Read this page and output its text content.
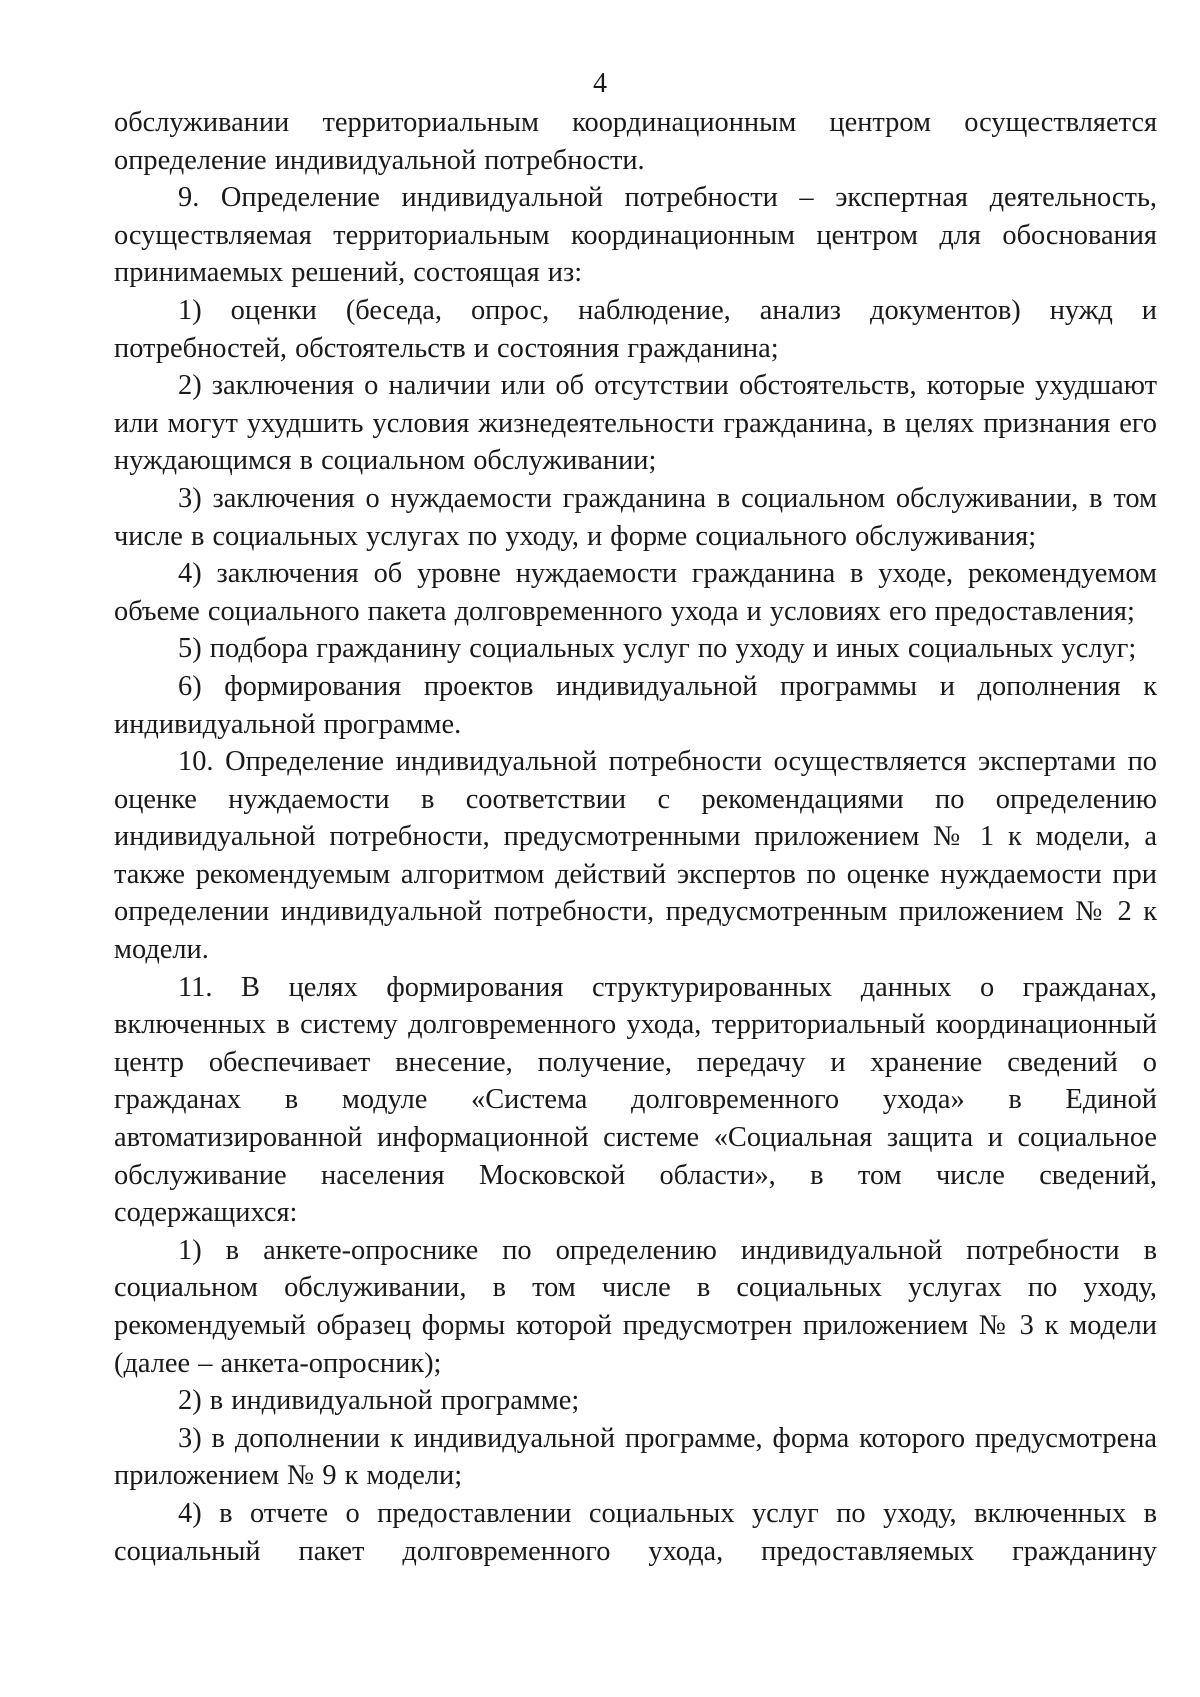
4

обслуживании территориальным координационным центром осуществляется определение индивидуальной потребности.

9. Определение индивидуальной потребности – экспертная деятельность, осуществляемая территориальным координационным центром для обоснования принимаемых решений, состоящая из:

1) оценки (беседа, опрос, наблюдение, анализ документов) нужд и потребностей, обстоятельств и состояния гражданина;

2) заключения о наличии или об отсутствии обстоятельств, которые ухудшают или могут ухудшить условия жизнедеятельности гражданина, в целях признания его нуждающимся в социальном обслуживании;

3) заключения о нуждаемости гражданина в социальном обслуживании, в том числе в социальных услугах по уходу, и форме социального обслуживания;

4) заключения об уровне нуждаемости гражданина в уходе, рекомендуемом объеме социального пакета долговременного ухода и условиях его предоставления;

5) подбора гражданину социальных услуг по уходу и иных социальных услуг;

6) формирования проектов индивидуальной программы и дополнения к индивидуальной программе.

10. Определение индивидуальной потребности осуществляется экспертами по оценке нуждаемости в соответствии с рекомендациями по определению индивидуальной потребности, предусмотренными приложением № 1 к модели, а также рекомендуемым алгоритмом действий экспертов по оценке нуждаемости при определении индивидуальной потребности, предусмотренным приложением № 2 к модели.

11. В целях формирования структурированных данных о гражданах, включенных в систему долговременного ухода, территориальный координационный центр обеспечивает внесение, получение, передачу и хранение сведений о гражданах в модуле «Система долговременного ухода» в Единой автоматизированной информационной системе «Социальная защита и социальное обслуживание населения Московской области», в том числе сведений, содержащихся:

1) в анкете-опроснике по определению индивидуальной потребности в социальном обслуживании, в том числе в социальных услугах по уходу, рекомендуемый образец формы которой предусмотрен приложением № 3 к модели (далее – анкета-опросник);

2) в индивидуальной программе;

3) в дополнении к индивидуальной программе, форма которого предусмотрена приложением № 9 к модели;

4) в отчете о предоставлении социальных услуг по уходу, включенных в социальный пакет долговременного ухода, предоставляемых гражданину
